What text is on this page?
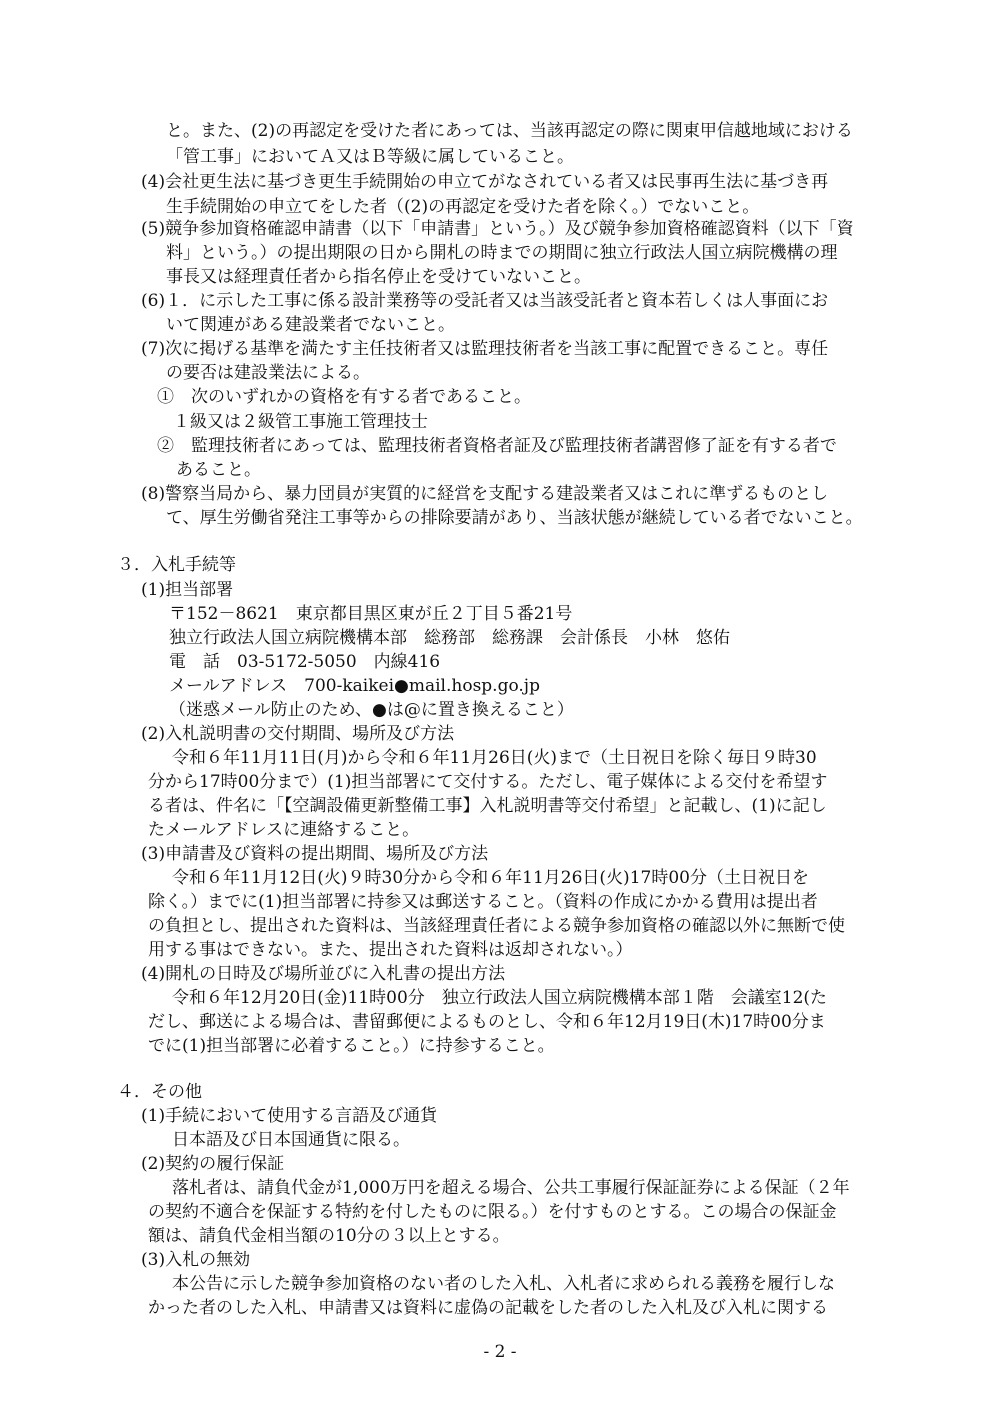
と。また、(2)の再認定を受けた者にあっては、当該再認定の際に関東甲信越地域における
「管工事」においてＡ又はＢ等級に属していること。
(4)会社更生法に基づき更生手続開始の申立てがなされている者又は民事再生法に基づき再
生手続開始の申立てをした者（(2)の再認定を受けた者を除く。）でないこと。
(5)競争参加資格確認申請書（以下「申請書」という。）及び競争参加資格確認資料（以下「資
料」という。）の提出期限の日から開札の時までの期間に独立行政法人国立病院機構の理
事長又は経理責任者から指名停止を受けていないこと。
(6)１．に示した工事に係る設計業務等の受託者又は当該受託者と資本若しくは人事面にお
いて関連がある建設業者でないこと。
(7)次に掲げる基準を満たす主任技術者又は監理技術者を当該工事に配置できること。専任
の要否は建設業法による。
①　次のいずれかの資格を有する者であること。
１級又は２級管工事施工管理技士
②　監理技術者にあっては、監理技術者資格者証及び監理技術者講習修了証を有する者で
あること。
(8)警察当局から、暴力団員が実質的に経営を支配する建設業者又はこれに準ずるものとし
て、厚生労働省発注工事等からの排除要請があり、当該状態が継続している者でないこと。
３．入札手続等
(1)担当部署
〒152－8621　東京都目黒区東が丘２丁目５番21号
独立行政法人国立病院機構本部　総務部　総務課　会計係長　小林　悠佑
電　話　03-5172-5050　内線416
メールアドレス　700-kaikei●mail.hosp.go.jp
（迷惑メール防止のため、●は@に置き換えること）
(2)入札説明書の交付期間、場所及び方法
令和６年11月11日(月)から令和６年11月26日(火)まで（土日祝日を除く毎日９時30
分から17時00分まで）(1)担当部署にて交付する。ただし、電子媒体による交付を希望す
る者は、件名に「【空調設備更新整備工事】入札説明書等交付希望」と記載し、(1)に記し
たメールアドレスに連絡すること。
(3)申請書及び資料の提出期間、場所及び方法
令和６年11月12日(火)９時30分から令和６年11月26日(火)17時00分（土日祝日を
除く。）までに(1)担当部署に持参又は郵送すること。（資料の作成にかかる費用は提出者
の負担とし、提出された資料は、当該経理責任者による競争参加資格の確認以外に無断で使
用する事はできない。また、提出された資料は返却されない。）
(4)開札の日時及び場所並びに入札書の提出方法
令和６年12月20日(金)11時00分　独立行政法人国立病院機構本部１階　会議室12(た
だし、郵送による場合は、書留郵便によるものとし、令和６年12月19日(木)17時00分ま
でに(1)担当部署に必着すること。）に持参すること。
４．その他
(1)手続において使用する言語及び通貨
日本語及び日本国通貨に限る。
(2)契約の履行保証
落札者は、請負代金が1,000万円を超える場合、公共工事履行保証証券による保証（２年
の契約不適合を保証する特約を付したものに限る。）を付すものとする。この場合の保証金
額は、請負代金相当額の10分の３以上とする。
(3)入札の無効
本公告に示した競争参加資格のない者のした入札、入札者に求められる義務を履行しな
かった者のした入札、申請書又は資料に虚偽の記載をした者のした入札及び入札に関する
- 2 -
